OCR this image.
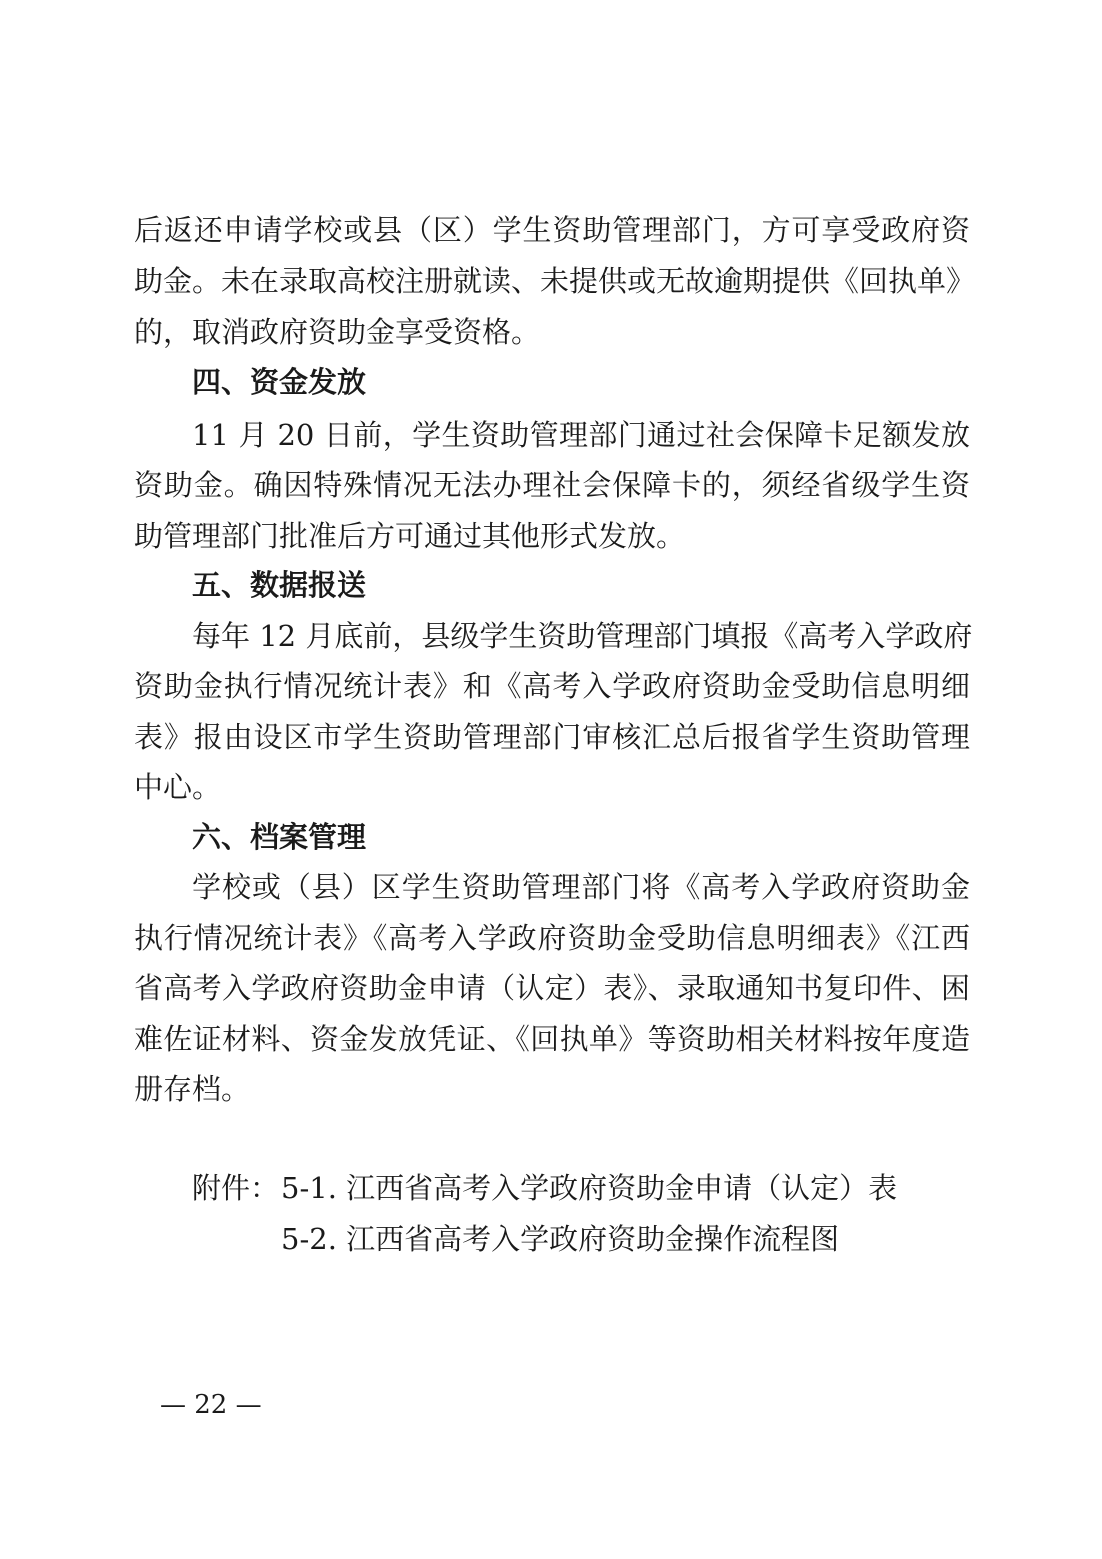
后返还申请学校或县（区）学生资助管理部门，方可享受政府资
助金。未在录取高校注册就读、未提供或无故逾期提供《回执单》
的，取消政府资助金享受资格。
四、资金发放
11 月 20 日前，学生资助管理部门通过社会保障卡足额发放
资助金。确因特殊情况无法办理社会保障卡的，须经省级学生资
助管理部门批准后方可通过其他形式发放。
五、数据报送
每年 12 月底前，县级学生资助管理部门填报《高考入学政府
资助金执行情况统计表》和《高考入学政府资助金受助信息明细
表》报由设区市学生资助管理部门审核汇总后报省学生资助管理
中心。
六、档案管理
学校或（县）区学生资助管理部门将《高考入学政府资助金
执行情况统计表》《高考入学政府资助金受助信息明细表》《江西
省高考入学政府资助金申请（认定）表》、录取通知书复印件、困
难佐证材料、资金发放凭证、《回执单》等资助相关材料按年度造
册存档。
附件： 5-1. 江西省高考入学政府资助金申请（认定）表
5-2. 江西省高考入学政府资助金操作流程图
— 22 —
